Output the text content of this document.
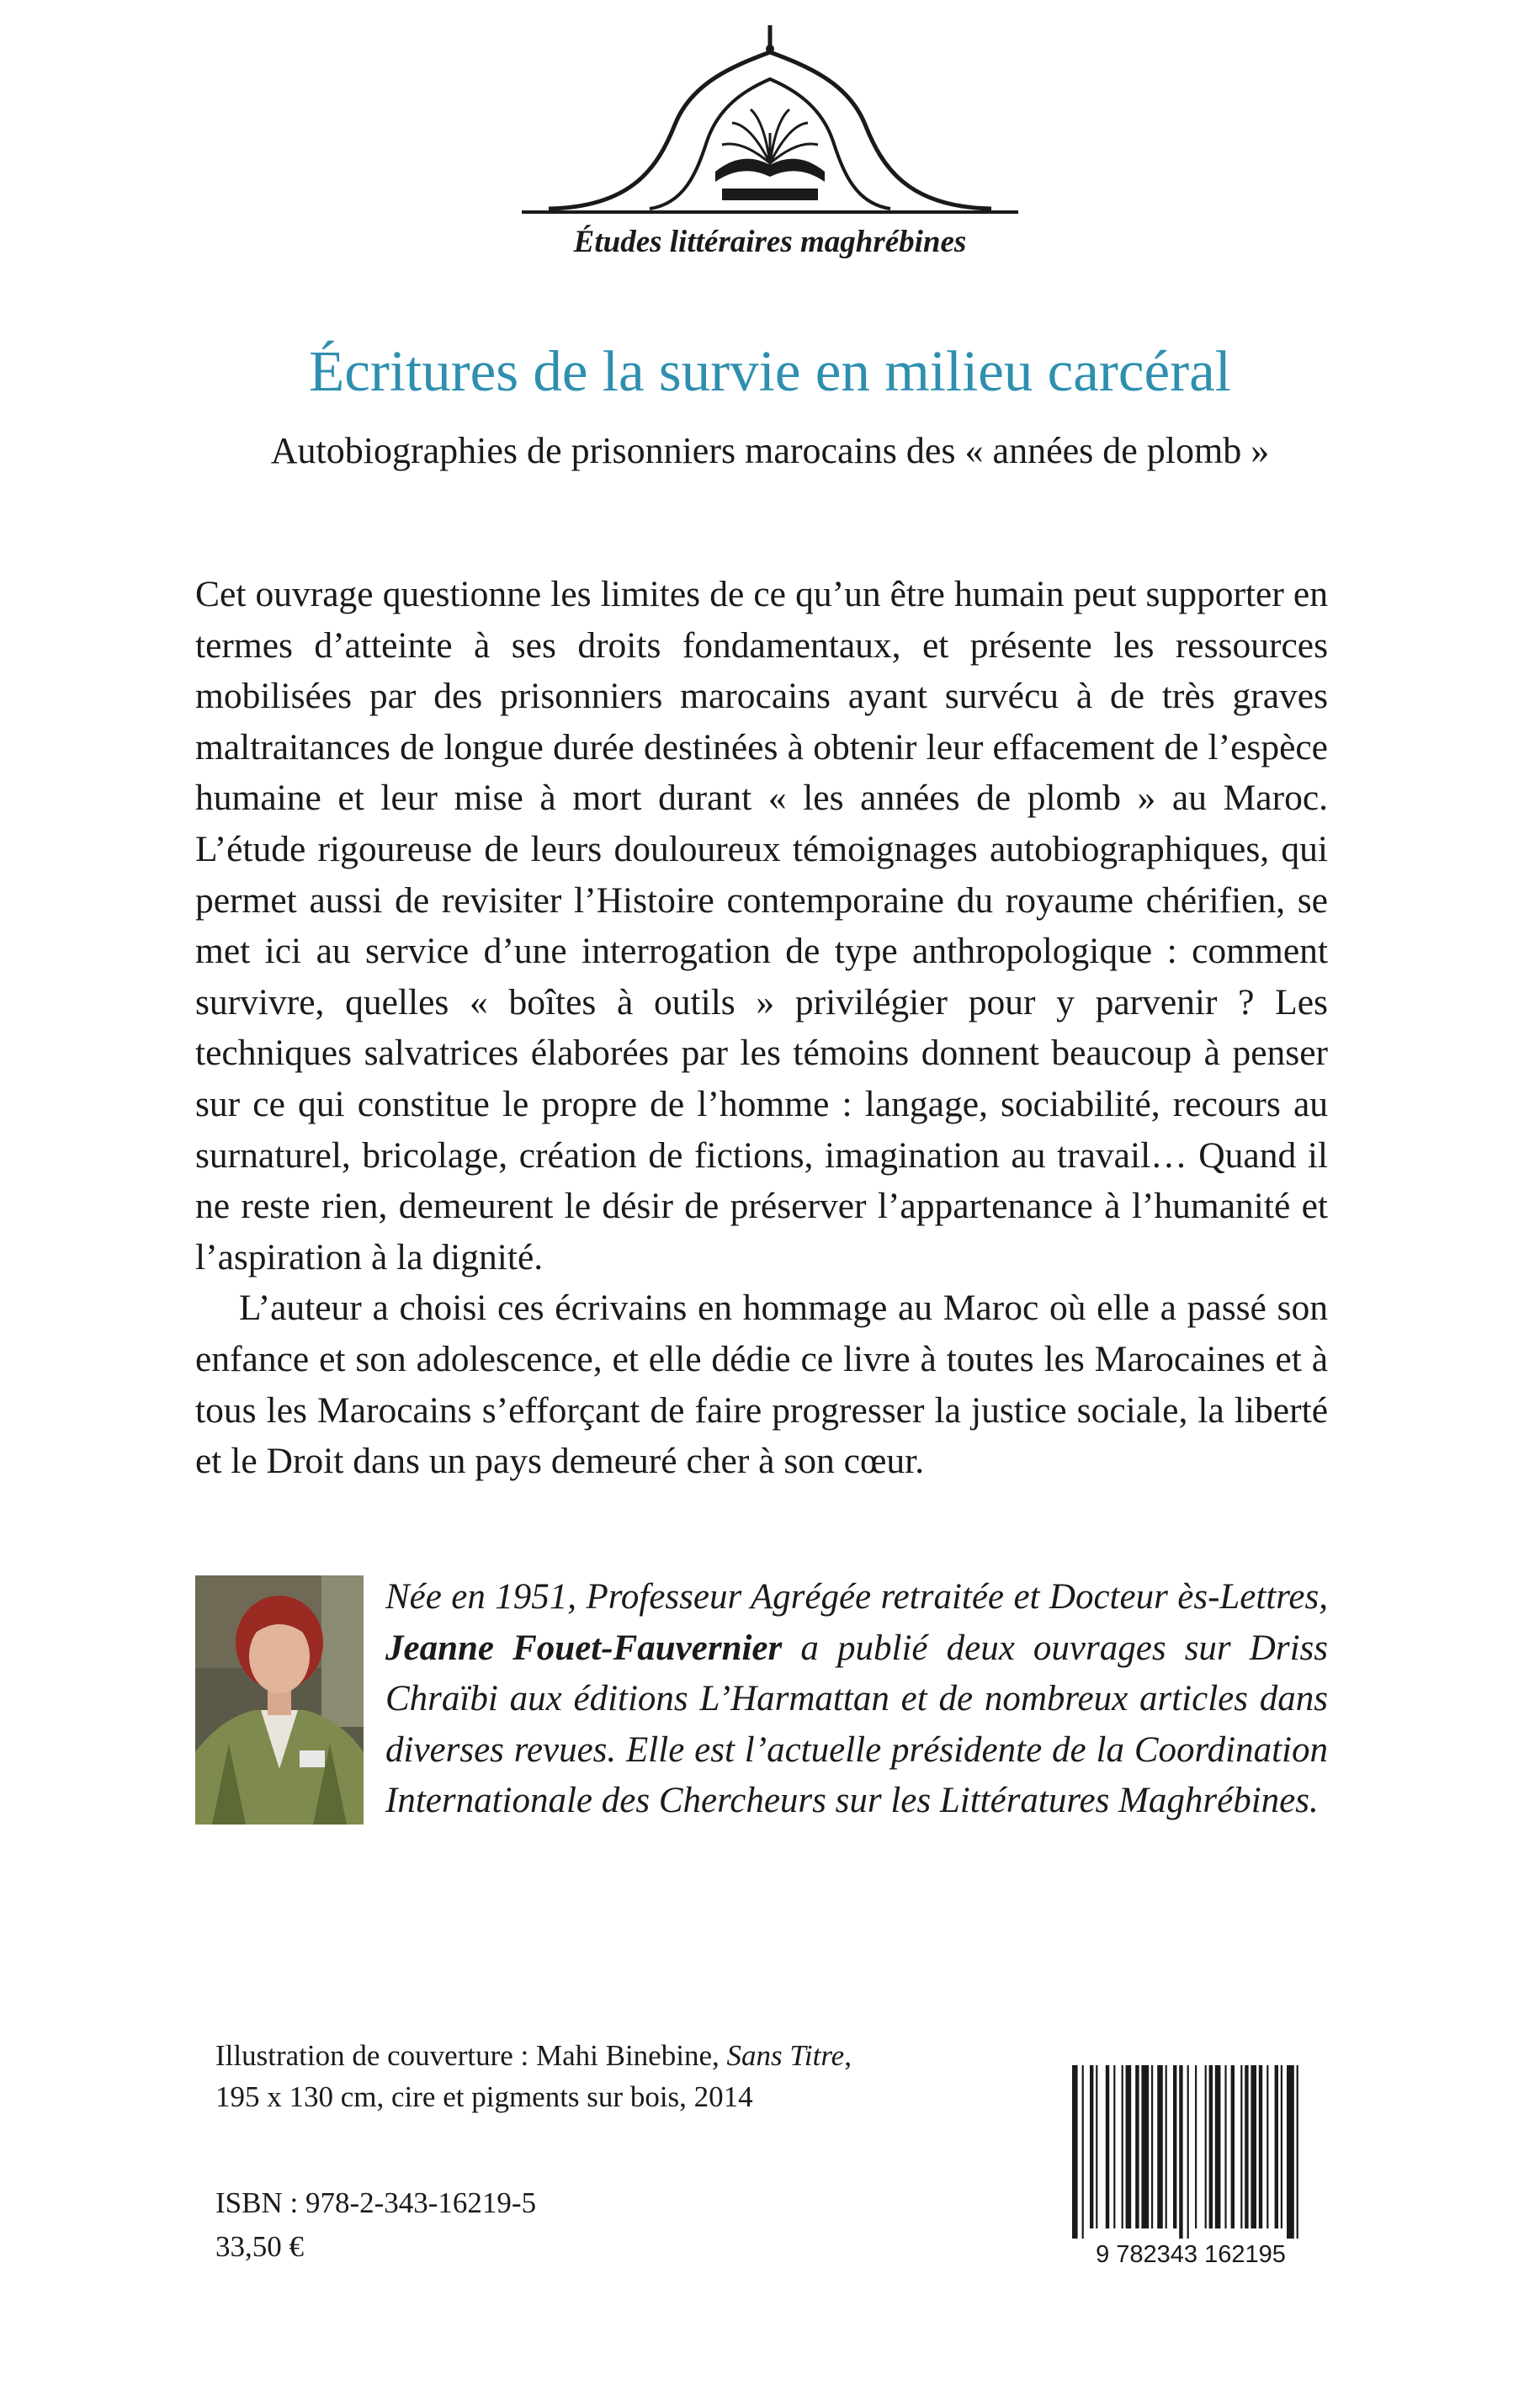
Études littéraires maghrébines
Écritures de la survie en milieu carcéral
Autobiographies de prisonniers marocains des « années de plomb »

Cet ouvrage questionne les limites de ce qu’un être humain peut supporter en termes d’atteinte à ses droits fondamentaux, et présente les ressources mobilisées par des prisonniers marocains ayant survécu à de très graves maltraitances de longue durée destinées à obtenir leur effacement de l’espèce humaine et leur mise à mort durant « les années de plomb » au Maroc. L’étude rigoureuse de leurs douloureux témoignages autobiographiques, qui permet aussi de revisiter l’Histoire contemporaine du royaume chérifien, se met ici au service d’une interrogation de type anthropologique : comment survivre, quelles « boîtes à outils » privilégier pour y parvenir ? Les techniques salvatrices élaborées par les témoins donnent beaucoup à penser sur ce qui constitue le propre de l’homme : langage, sociabilité, recours au surnaturel, bricolage, création de fictions, imagination au travail… Quand il ne reste rien, demeurent le désir de préserver l’appartenance à l’humanité et l’aspiration à la dignité.

L’auteur a choisi ces écrivains en hommage au Maroc où elle a passé son enfance et son adolescence, et elle dédie ce livre à toutes les Marocaines et à tous les Marocains s’efforçant de faire progresser la justice sociale, la liberté et le Droit dans un pays demeuré cher à son cœur.

Née en 1951, Professeur Agrégée retraitée et Docteur ès-Lettres, Jeanne Fouet-Fauvernier a publié deux ouvrages sur Driss Chraïbi aux éditions L’Harmattan et de nombreux articles dans diverses revues. Elle est l’actuelle présidente de la Coordination Internationale des Chercheurs sur les Littératures Maghrébines.
Illustration de couverture : Mahi Binebine, Sans Titre,
195 x 130 cm, cire et pigments sur bois, 2014
ISBN : 978-2-343-16219-5
33,50 €	9 782343 162195
